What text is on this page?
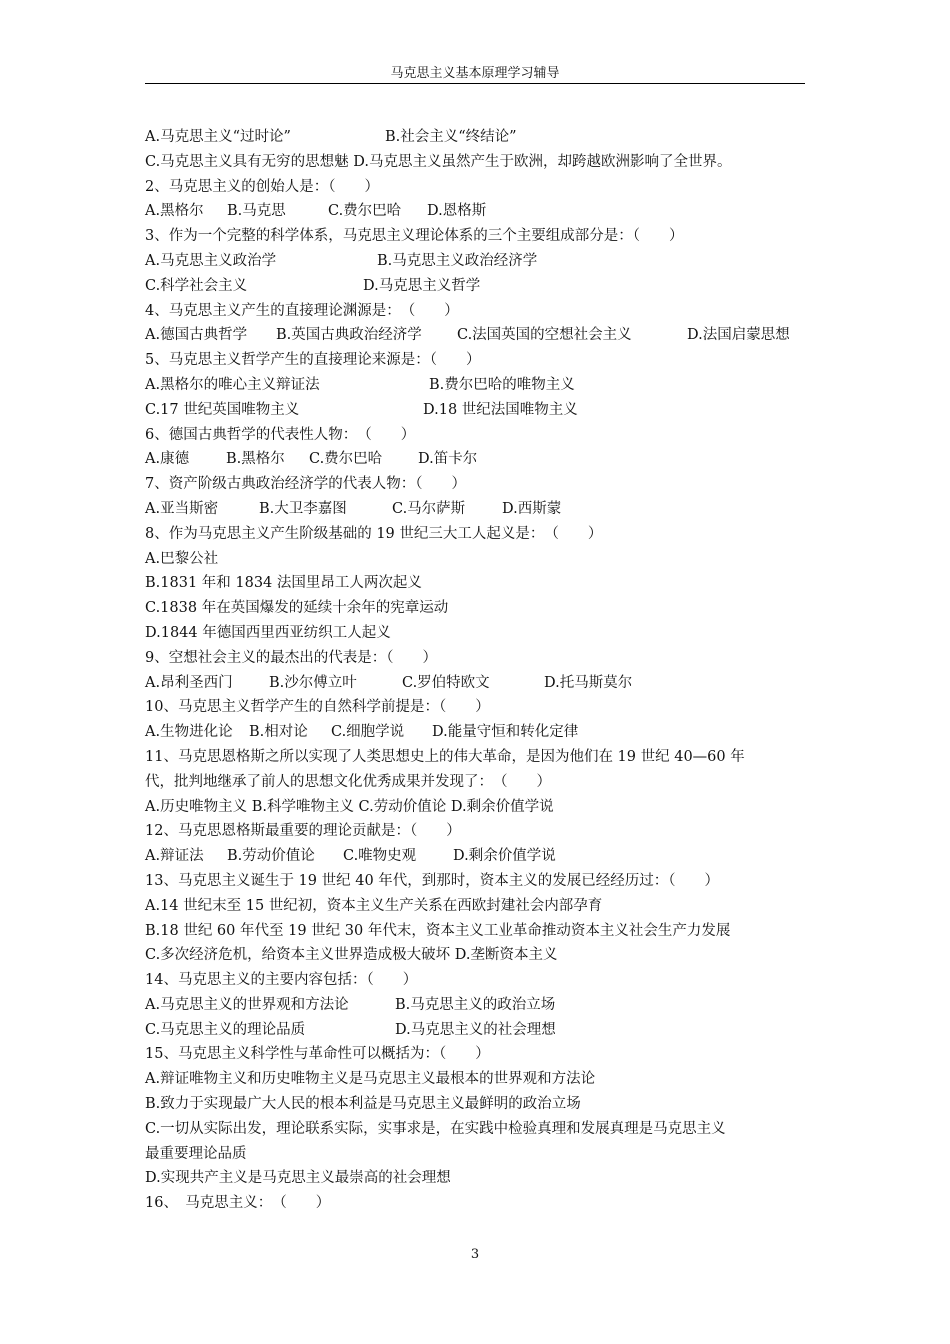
马克思主义基本原理学习辅导
A.马克思主义“过时论”	B.社会主义“终结论”
C.马克思主义具有无穷的思想魅 D.马克思主义虽然产生于欧洲，却跨越欧洲影响了全世界。
2、马克思主义的创始人是：（　　）
A.黑格尔 B.马克思	C.费尔巴哈 D.恩格斯
3、作为一个完整的科学体系，马克思主义理论体系的三个主要组成部分是：（　　）
A.马克思主义政治学	B.马克思主义政治经济学
C.科学社会主义	D.马克思主义哲学
4、马克思主义产生的直接理论渊源是：　（　　）
A.德国古典哲学 B.英国古典政治经济学 C.法国英国的空想社会主义	D.法国启蒙思想
5、马克思主义哲学产生的直接理论来源是：（　　）
A.黑格尔的唯心主义辩证法	B.费尔巴哈的唯物主义
C.17 世纪英国唯物主义	D.18 世纪法国唯物主义
6、德国古典哲学的代表性人物：　（　　）
A.康德	B.黑格尔 C.费尔巴哈 D.笛卡尔
7、资产阶级古典政治经济学的代表人物：（　　）
A.亚当斯密	B.大卫李嘉图	C.马尔萨斯	D.西斯蒙
8、作为马克思主义产生阶级基础的 19 世纪三大工人起义是：　（　　）
A.巴黎公社
B.1831 年和 1834 法国里昂工人两次起义
C.1838 年在英国爆发的延续十余年的宪章运动
D.1844 年德国西里西亚纺织工人起义
9、空想社会主义的最杰出的代表是：（　　）
A.昂利圣西门	B.沙尔傅立叶	C.罗伯特欧文	D.托马斯莫尔
10、马克思主义哲学产生的自然科学前提是：（　　）
A.生物进化论 B.相对论 C.细胞学说 D.能量守恒和转化定律
11、马克思恩格斯之所以实现了人类思想史上的伟大革命，是因为他们在 19 世纪 40—60 年
代，批判地继承了前人的思想文化优秀成果并发现了：　（　　）
A.历史唯物主义 B.科学唯物主义 C.劳动价值论 D.剩余价值学说
12、马克思恩格斯最重要的理论贡献是：（　　）
A.辩证法 B.劳动价值论 C.唯物史观	D.剩余价值学说
13、马克思主义诞生于 19 世纪 40 年代，到那时，资本主义的发展已经经历过：（　　）
A.14 世纪末至 15 世纪初，资本主义生产关系在西欧封建社会内部孕育
B.18 世纪 60 年代至 19 世纪 30 年代末，资本主义工业革命推动资本主义社会生产力发展
C.多次经济危机，给资本主义世界造成极大破坏 D.垄断资本主义
14、马克思主义的主要内容包括：（　　）
A.马克思主义的世界观和方法论	B.马克思主义的政治立场
C.马克思主义的理论品质	D.马克思主义的社会理想
15、马克思主义科学性与革命性可以概括为：（　　）
A.辩证唯物主义和历史唯物主义是马克思主义最根本的世界观和方法论
B.致力于实现最广大人民的根本利益是马克思主义最鲜明的政治立场
C.一切从实际出发，理论联系实际，实事求是，在实践中检验真理和发展真理是马克思主义
最重要理论品质
D.实现共产主义是马克思主义最崇高的社会理想
16、　马克思主义：　（　　）
3
